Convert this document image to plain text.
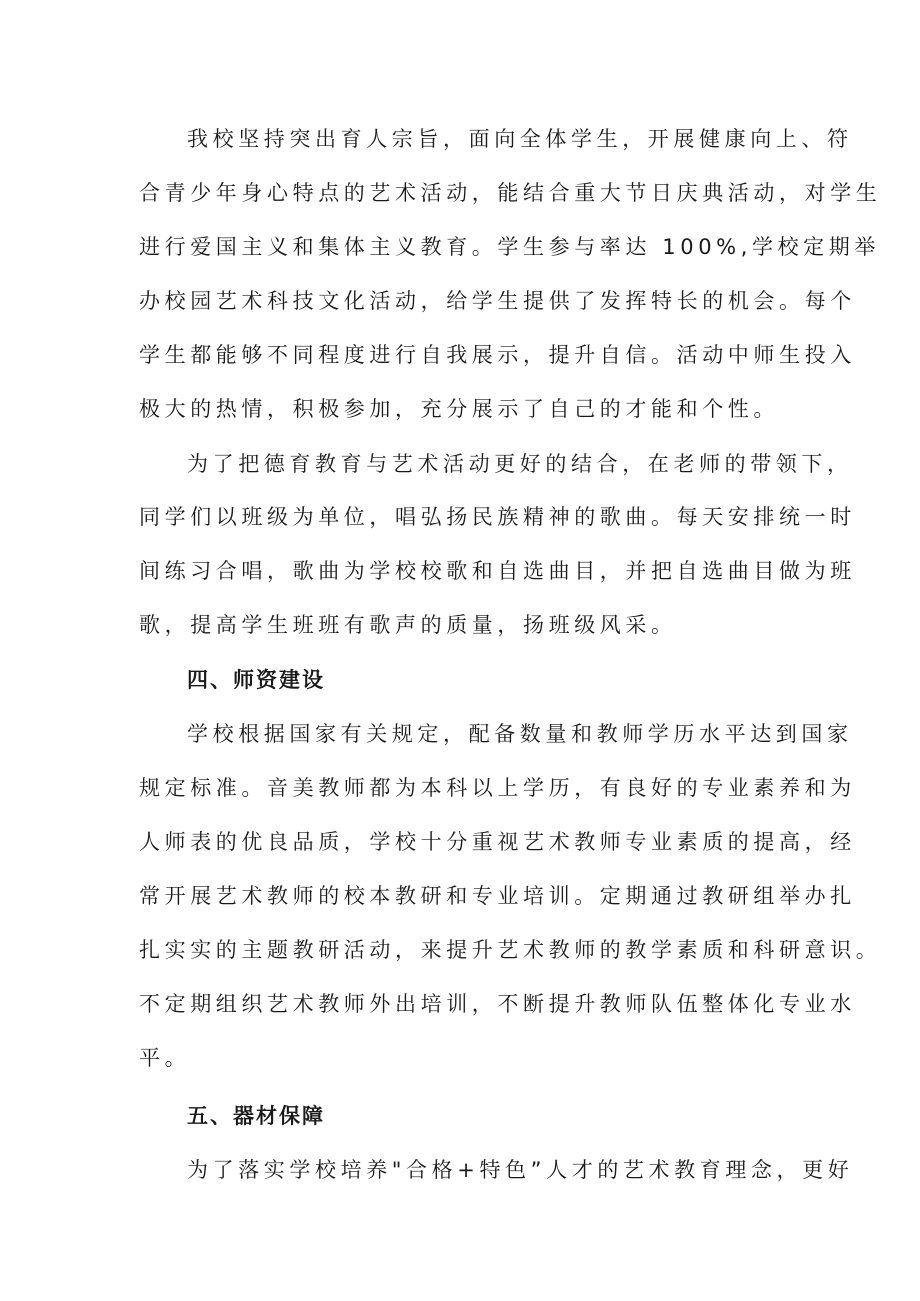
我校坚持突出育人宗旨，面向全体学生，开展健康向上、符
合青少年身心特点的艺术活动，能结合重大节日庆典活动，对学生
进行爱国主义和集体主义教育。学生参与率达 100%,学校定期举
办校园艺术科技文化活动，给学生提供了发挥特长的机会。每个
学生都能够不同程度进行自我展示，提升自信。活动中师生投入
极大的热情，积极参加，充分展示了自己的才能和个性。
为了把德育教育与艺术活动更好的结合，在老师的带领下，
同学们以班级为单位，唱弘扬民族精神的歌曲。每天安排统一时
间练习合唱，歌曲为学校校歌和自选曲目，并把自选曲目做为班
歌，提高学生班班有歌声的质量，扬班级风采。
四、师资建设
学校根据国家有关规定，配备数量和教师学历水平达到国家
规定标准。音美教师都为本科以上学历，有良好的专业素养和为
人师表的优良品质，学校十分重视艺术教师专业素质的提高，经
常开展艺术教师的校本教研和专业培训。定期通过教研组举办扎
扎实实的主题教研活动，来提升艺术教师的教学素质和科研意识。
不定期组织艺术教师外出培训，不断提升教师队伍整体化专业水
平。
五、器材保障
为了落实学校培养"合格+特色”人才的艺术教育理念，更好
